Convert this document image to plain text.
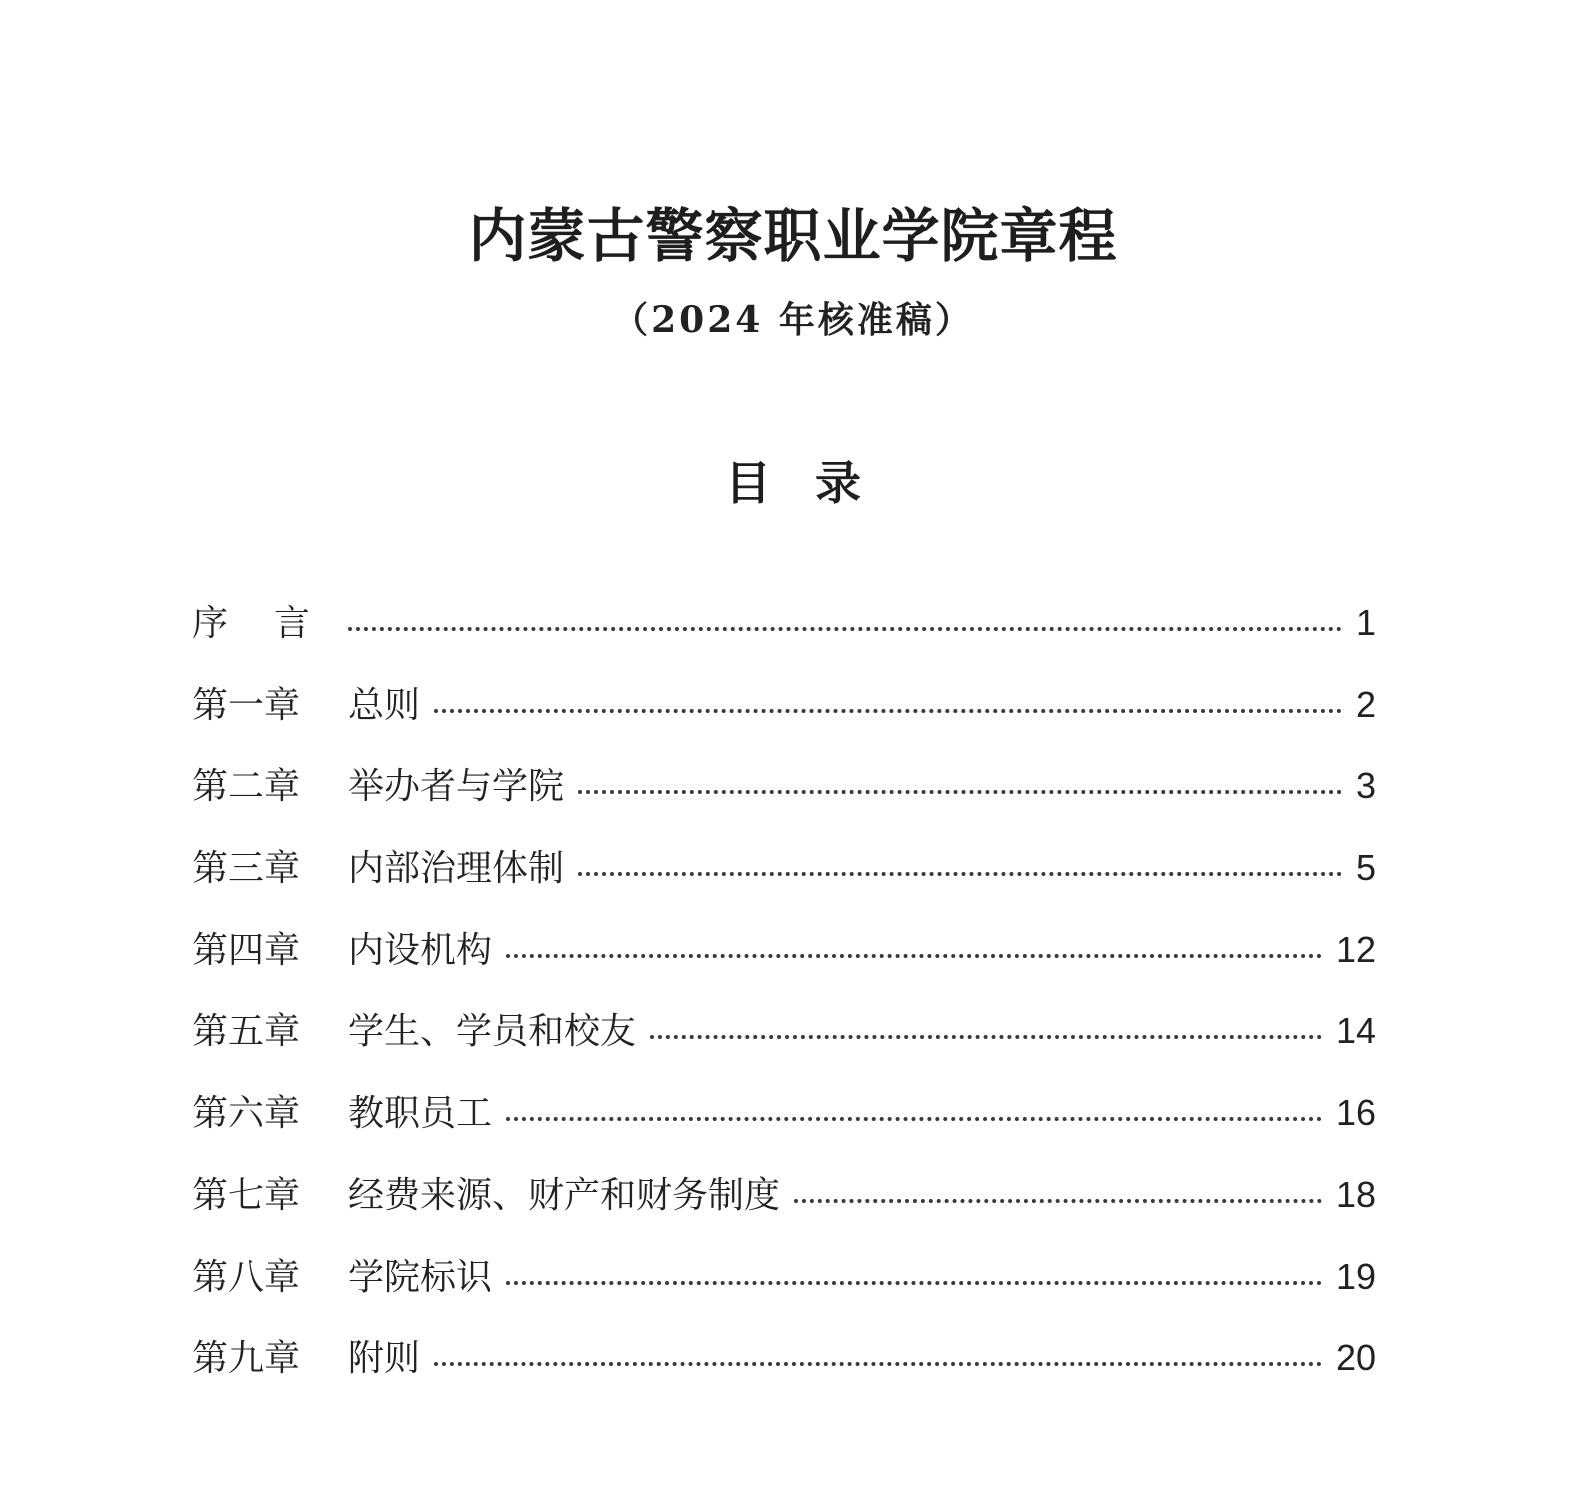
内蒙古警察职业学院章程
（2024 年核准稿）
目 录
序言	1
第一章	总则	2
第二章	举办者与学院	3
第三章	内部治理体制	5
第四章	内设机构	12
第五章	学生、学员和校友	14
第六章	教职员工	16
第七章	经费来源、财产和财务制度	18
第八章	学院标识	19
第九章	附则	20
